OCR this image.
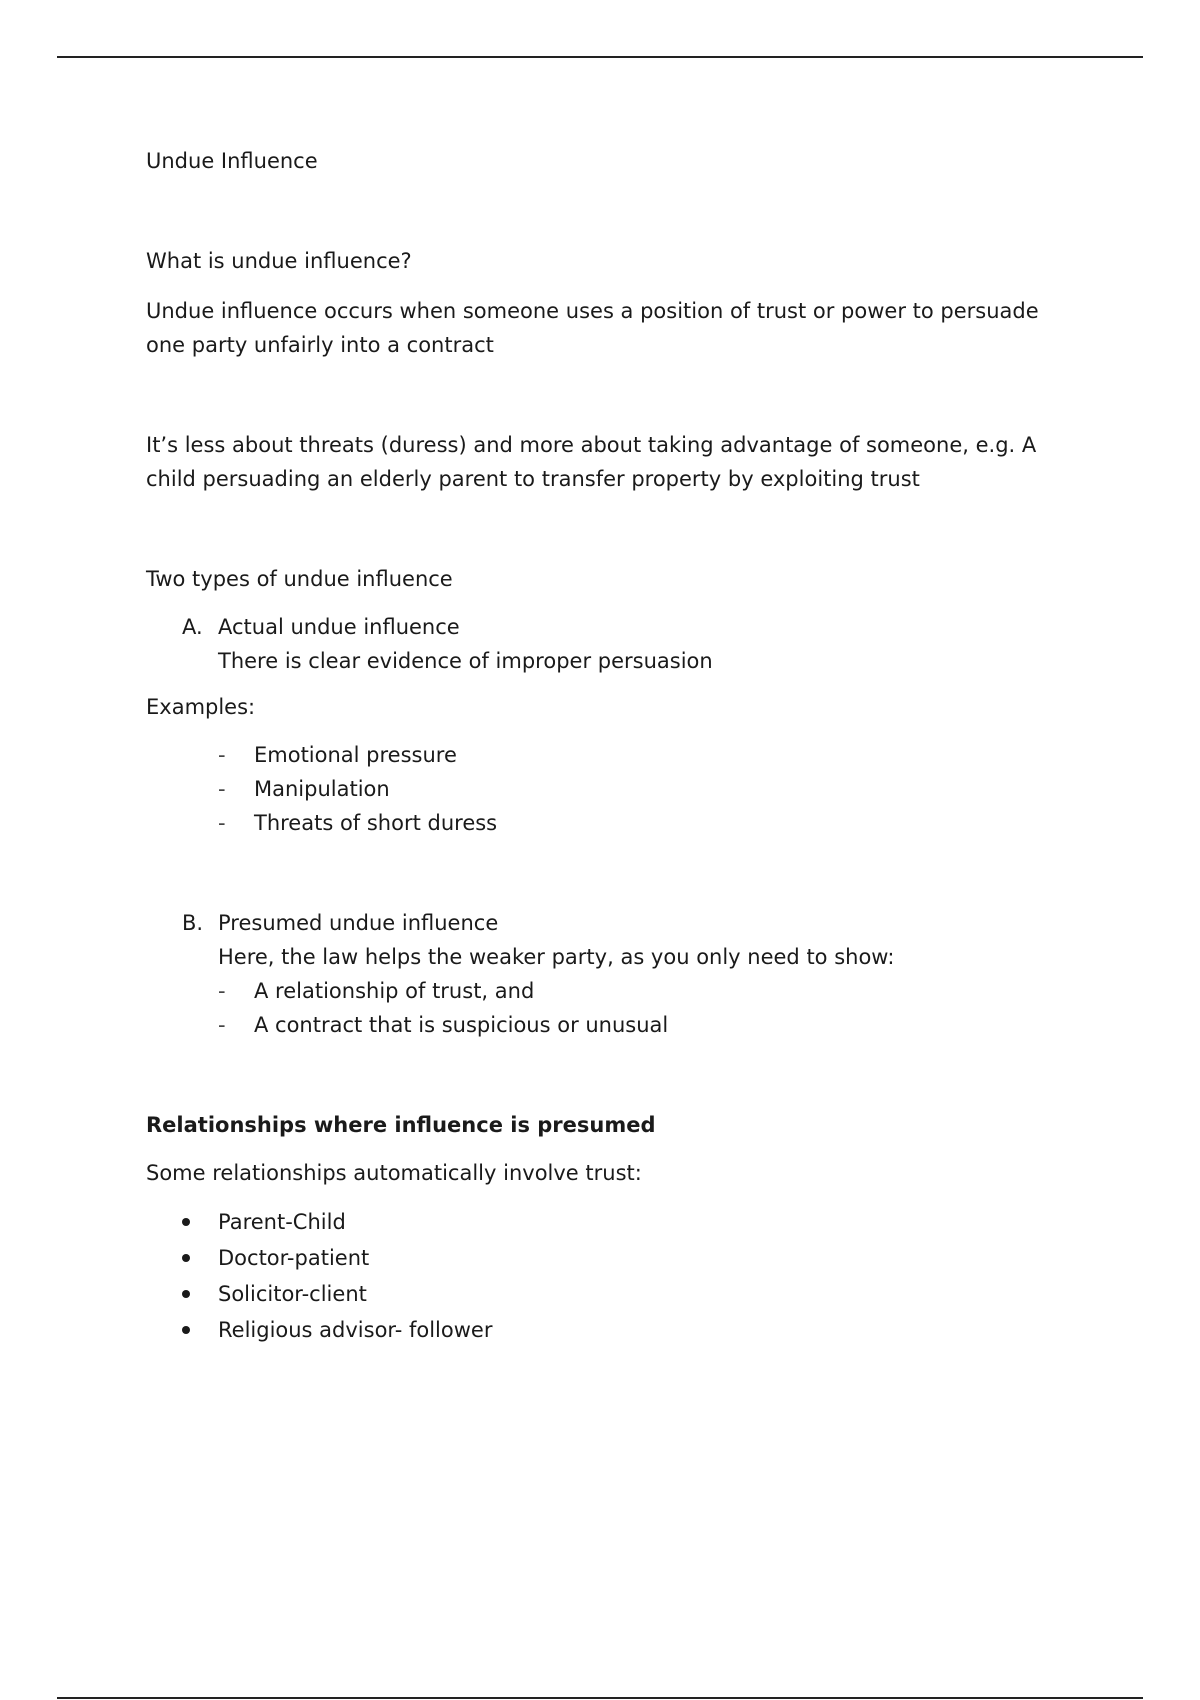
Undue Influence

What is undue influence?

Undue influence occurs when someone uses a position of trust or power to persuade one party unfairly into a contract

It’s less about threats (duress) and more about taking advantage of someone, e.g. A child persuading an elderly parent to transfer property by exploiting trust

Two types of undue influence

A. Actual undue influence

There is clear evidence of improper persuasion

Examples:

- Emotional pressure
- Manipulation
- Threats of short duress
B. Presumed undue influence

Here, the law helps the weaker party, as you only need to show:

- A relationship of trust, and
- A contract that is suspicious or unusual

Relationships where influence is presumed

Some relationships automatically involve trust:

Parent-Child
Doctor-patient
Solicitor-client
Religious advisor- follower
